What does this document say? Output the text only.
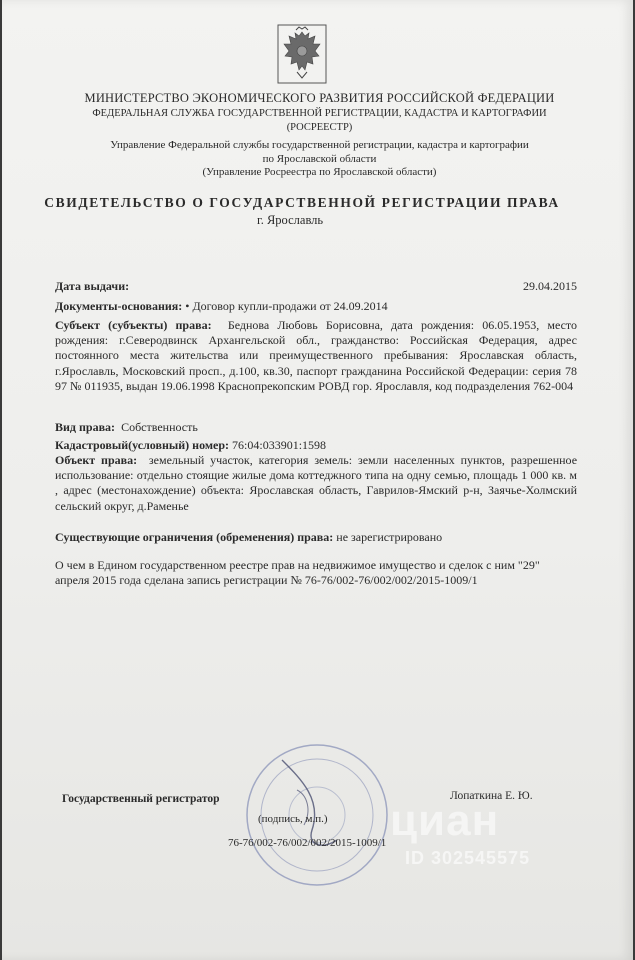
МИНИСТЕРСТВО ЭКОНОМИЧЕСКОГО РАЗВИТИЯ РОССИЙСКОЙ ФЕДЕРАЦИИ
ФЕДЕРАЛЬНАЯ СЛУЖБА ГОСУДАРСТВЕННОЙ РЕГИСТРАЦИИ, КАДАСТРА И КАРТОГРАФИИ
(РОСРЕЕСТР)
Управление Федеральной службы государственной регистрации, кадастра и картографии
по Ярославской области
(Управление Росреестра по Ярославской области)
СВИДЕТЕЛЬСТВО О ГОСУДАРСТВЕННОЙ РЕГИСТРАЦИИ ПРАВА
г. Ярославль
Дата выдачи:	29.04.2015
Документы-основания: • Договор купли-продажи от 24.09.2014
Субъект (субъекты) права: Беднова Любовь Борисовна, дата рождения: 06.05.1953, место рождения: г.Северодвинск Архангельской обл., гражданство: Российская Федерация, адрес постоянного места жительства или преимущественного пребывания: Ярославская область, г.Ярославль, Московский просп., д.100, кв.30, паспорт гражданина Российской Федерации: серия 78 97 № 011935, выдан 19.06.1998 Краснопрекопским РОВД гор. Ярославля, код подразделения 762-004
Вид права: Собственность
Кадастровый(условный) номер: 76:04:033901:1598
Объект права: земельный участок, категория земель: земли населенных пунктов, разрешенное использование: отдельно стоящие жилые дома коттеджного типа на одну семью, площадь 1 000 кв. м , адрес (местонахождение) объекта: Ярославская область, Гаврилов-Ямский р-н, Заячье-Холмский сельский округ, д.Раменье
Существующие ограничения (обременения) права: не зарегистрировано
О чем в Едином государственном реестре прав на недвижимое имущество и сделок с ним "29" апреля 2015 года сделана запись регистрации № 76-76/002-76/002/002/2015-1009/1
Государственный регистратор	Лопаткина Е. Ю.
(подпись, м.п.)
76-76/002-76/002/002/2015-1009/1 циан
ID 302545575
